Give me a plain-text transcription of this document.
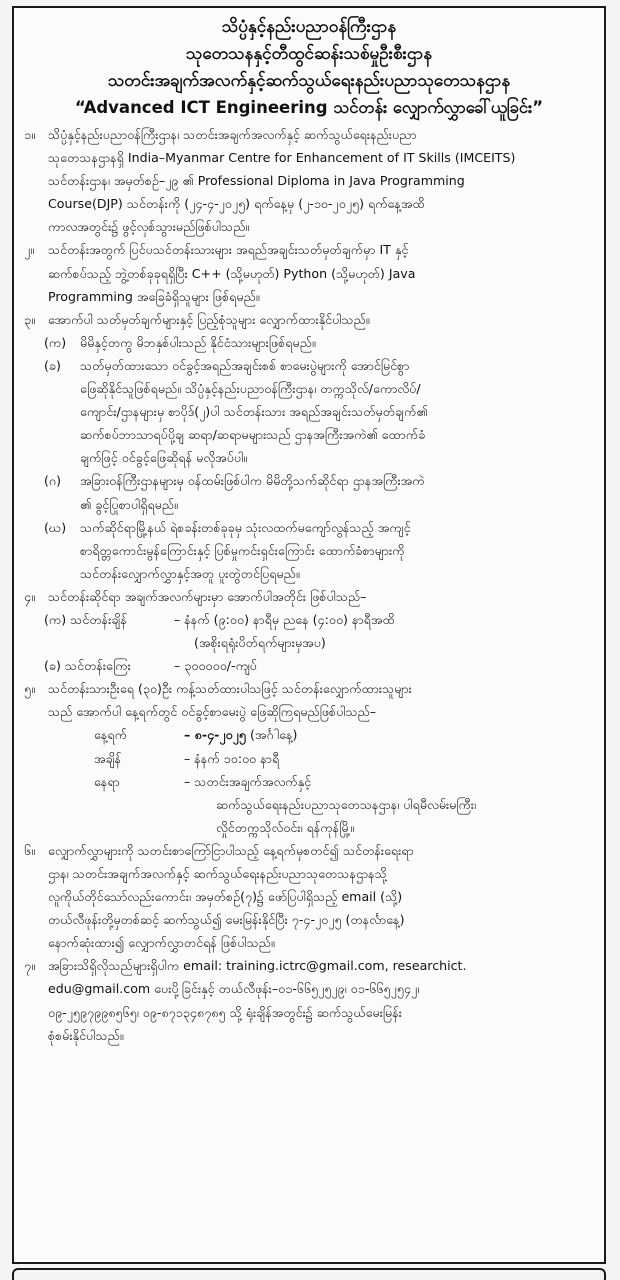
သိပ္ပံနှင့်နည်းပညာဝန်ကြီးဌာန
သုတေသနနှင့်တီထွင်ဆန်းသစ်မှုဦးစီးဌာန
သတင်းအချက်အလက်နှင့်ဆက်သွယ်ရေးနည်းပညာသုတေသနဌာန
“Advanced ICT Engineering သင်တန်း လျှောက်လွှာခေါ်ယူခြင်း”
၁။	သိပ္ပံနှင့်နည်းပညာဝန်ကြီးဌာန၊ သတင်းအချက်အလက်နှင့် ဆက်သွယ်ရေးနည်းပညာ
သုတေသနဌာနရှိ India–Myanmar Centre for Enhancement of IT Skills (IMCEITS)
သင်တန်းဌာန၊ အမှတ်စဉ်–၂၉ ၏ Professional Diploma in Java Programming
Course(DJP) သင်တန်းကို (၂၄-၄-၂၀၂၅) ရက်နေ့မှ (၂-၁၀-၂၀၂၅) ရက်နေ့အထိ
ကာလအတွင်း၌ ဖွင့်လှစ်သွားမည်ဖြစ်ပါသည်။
၂။	သင်တန်းအတွက် ပြင်ပသင်တန်းသားများ အရည်အချင်းသတ်မှတ်ချက်မှာ IT နှင့်
ဆက်စပ်သည့် ဘွဲ့တစ်ခုခုရရှိပြီး C++ (သို့မဟုတ်) Python (သို့မဟုတ်) Java
Programming အခြေခံရှိသူများ ဖြစ်ရမည်။
၃။	အောက်ပါ သတ်မှတ်ချက်များနှင့် ပြည့်စုံသူများ လျှောက်ထားနိုင်ပါသည်။
(က)	မိမိနှင့်တကွ မိဘနှစ်ပါးသည် နိုင်ငံသားများဖြစ်ရမည်။
(ခ)	သတ်မှတ်ထားသော ဝင်ခွင့်အရည်အချင်းစစ် စာမေးပွဲများကို အောင်မြင်စွာ
ဖြေဆိုနိုင်သူဖြစ်ရမည်။ သိပ္ပံနှင့်နည်းပညာဝန်ကြီးဌာန၊ တက္ကသိုလ်/ကောလိပ်/
ကျောင်း/ဌာနများမှ စာပိုဒ်(၂)ပါ သင်တန်းသား အရည်အချင်းသတ်မှတ်ချက်၏
ဆက်စပ်ဘာသာရပ်ပို့ချ ဆရာ/ဆရာမများသည် ဌာနအကြီးအကဲ၏ ထောက်ခံ
ချက်ဖြင့် ဝင်ခွင့်ဖြေဆိုရန် မလိုအပ်ပါ။
(ဂ)	အခြားဝန်ကြီးဌာနများမှ ဝန်ထမ်းဖြစ်ပါက မိမိတို့သက်ဆိုင်ရာ ဌာနအကြီးအကဲ
၏ ခွင့်ပြုစာပါရှိရမည်။
(ဃ)	သက်ဆိုင်ရာမြို့နယ် ရဲစခန်းတစ်ခုခုမှ သုံးလထက်မကျော်လွန်သည့် အကျင့်
စာရိတ္တကောင်းမွန်ကြောင်းနှင့် ပြစ်မှုကင်းရှင်းကြောင်း ထောက်ခံစာများကို
သင်တန်းလျှောက်လွှာနှင့်အတူ ပူးတွဲတင်ပြရမည်။
၄။	သင်တန်းဆိုင်ရာ အချက်အလက်များမှာ အောက်ပါအတိုင်း ဖြစ်ပါသည်–
(က) သင်တန်းချိန်	– နံနက် (၉:၀၀) နာရီမှ ညနေ (၄:၀၀) နာရီအထိ
(အစိုးရရုံးပိတ်ရက်များမှအပ)
(ခ) သင်တန်းကြေး	– ၃၀၀၀၀၀/-ကျပ်
၅။	သင်တန်းသားဦးရေ (၃၀)ဦး ကန့်သတ်ထားပါသဖြင့် သင်တန်းလျှောက်ထားသူများ
သည် အောက်ပါ နေ့ရက်တွင် ဝင်ခွင့်စာမေးပွဲ ဖြေဆိုကြရမည်ဖြစ်ပါသည်–
နေ့ရက်	– ၈-၄-၂၀၂၅ (အင်္ဂါနေ့)
အချိန်	– နံနက် ၁၀:၀၀ နာရီ
နေရာ	– သတင်းအချက်အလက်နှင့်
ဆက်သွယ်ရေးနည်းပညာသုတေသနဌာန၊ ပါရမီလမ်းမကြီး၊
လှိုင်တက္ကသိုလ်ဝင်း၊ ရန်ကုန်မြို့။
၆။	လျှောက်လွှာများကို သတင်းစာကြော်ငြာပါသည့် နေ့ရက်မှစတင်၍ သင်တန်းရေးရာ
ဌာန၊ သတင်းအချက်အလက်နှင့် ဆက်သွယ်ရေးနည်းပညာသုတေသနဌာနသို့
လူကိုယ်တိုင်သော်လည်းကောင်း၊ အမှတ်စဉ်(၇)၌ ဖော်ပြပါရှိသည့် email (သို့)
တယ်လီဖုန်းတို့မှတစ်ဆင့် ဆက်သွယ်၍ မေးမြန်းနိုင်ပြီး ၇-၄-၂၀၂၅ (တနင်္လာနေ့)
နောက်ဆုံးထား၍ လျှောက်လွှာတင်ရန် ဖြစ်ပါသည်။
၇။	အခြားသိရှိလိုသည်များရှိပါက email: training.ictrc@gmail.com, researchict.
edu@gmail.com ပေးပို့ခြင်းနှင့် တယ်လီဖုန်း–၀၁-၆၆၅၂၅၂၉၊ ၀၁-၆၆၅၂၅၄၂၊
၀၉-၂၅၉၇၉၉၈၅၆၅၊ ၀၉-၈၇၁၃၄၈၇၈၅ သို့ ရုံးချိန်အတွင်း၌ ဆက်သွယ်မေးမြန်း
စုံစမ်းနိုင်ပါသည်။
